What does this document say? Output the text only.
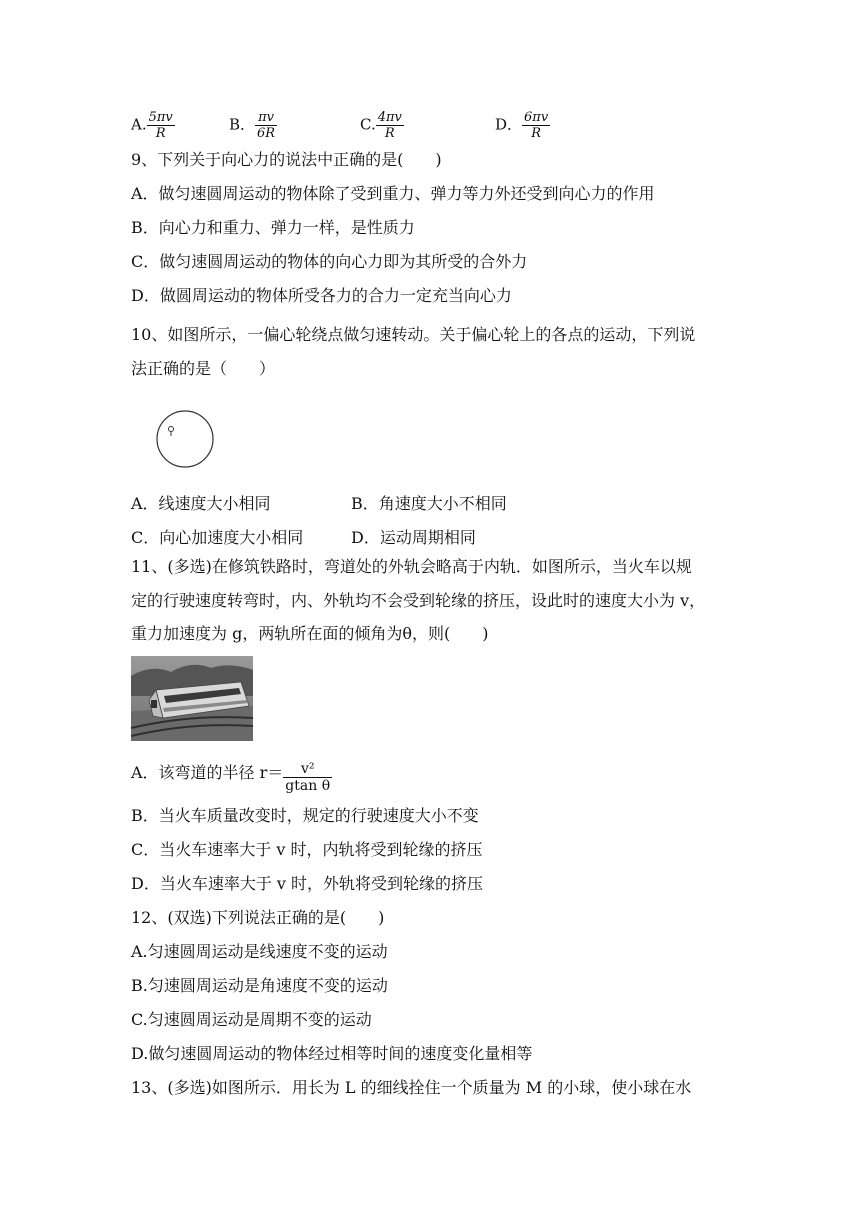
A. $\frac{5\pi v}{R}$	B． $\frac{\pi v}{6R}$	C. $\frac{4\pi v}{R}$	D． $\frac{6\pi v}{R}$
9、下列关于向心力的说法中正确的是(　　)
A．做匀速圆周运动的物体除了受到重力、弹力等力外还受到向心力的作用
B．向心力和重力、弹力一样，是性质力
C．做匀速圆周运动的物体的向心力即为其所受的合外力
D．做圆周运动的物体所受各力的合力一定充当向心力
10、如图所示，一偏心轮绕点做匀速转动。关于偏心轮上的各点的运动，下列说
法正确的是（　　）
A．线速度大小相同	B．角速度大小不相同
C．向心加速度大小相同	D．运动周期相同
11、(多选)在修筑铁路时，弯道处的外轨会略高于内轨．如图所示，当火车以规
定的行驶速度转弯时，内、外轨均不会受到轮缘的挤压，设此时的速度大小为 v，
重力加速度为 g，两轨所在面的倾角为θ，则(　　)
A．该弯道的半径 $r= \frac{\text{v²}}{\text{gtan θ}}$
B．当火车质量改变时，规定的行驶速度大小不变
C．当火车速率大于 v 时，内轨将受到轮缘的挤压
D．当火车速率大于 v 时，外轨将受到轮缘的挤压
12、(双选)下列说法正确的是(　　)
A.匀速圆周运动是线速度不变的运动
B.匀速圆周运动是角速度不变的运动
C.匀速圆周运动是周期不变的运动
D.做匀速圆周运动的物体经过相等时间的速度变化量相等
13、(多选)如图所示．用长为 L 的细线拴住一个质量为 M 的小球，使小球在水
